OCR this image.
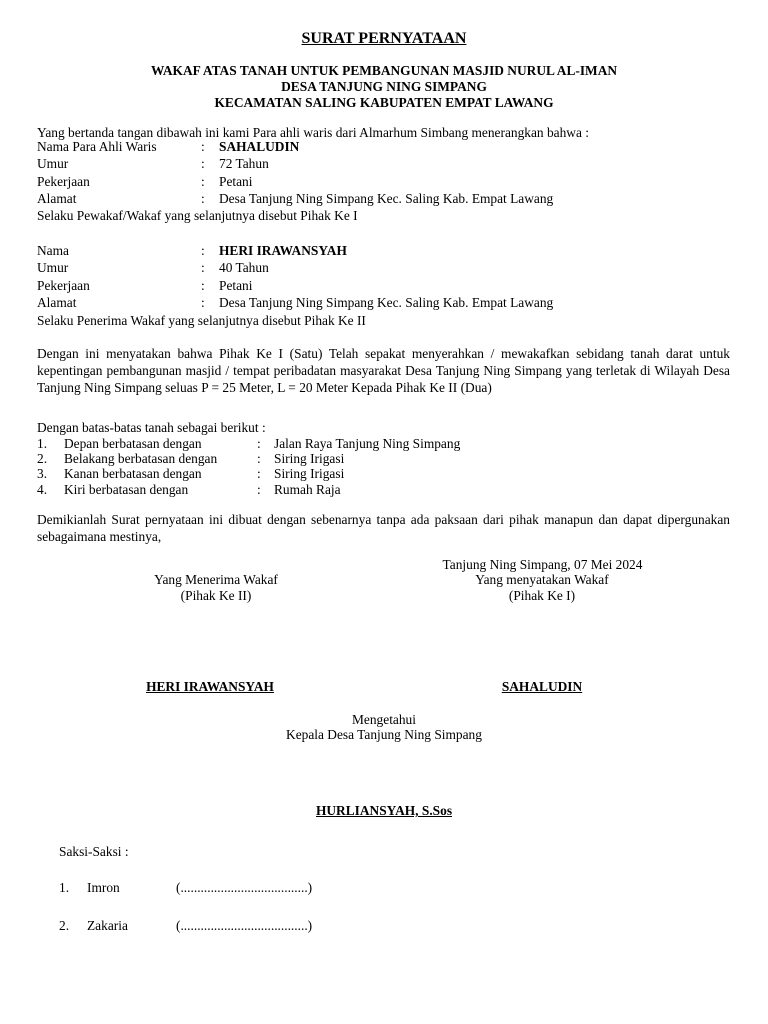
SURAT PERNYATAAN
WAKAF ATAS TANAH UNTUK PEMBANGUNAN MASJID NURUL AL-IMAN
DESA TANJUNG NING SIMPANG
KECAMATAN SALING KABUPATEN EMPAT LAWANG
Yang bertanda tangan dibawah ini kami Para ahli waris dari Almarhum Simbang menerangkan bahwa :
Nama Para Ahli Waris	: SAHALUDIN
Umur	: 72 Tahun
Pekerjaan	: Petani
Alamat	: Desa Tanjung Ning Simpang Kec. Saling Kab. Empat Lawang
Selaku Pewakaf/Wakaf yang selanjutnya disebut Pihak Ke I
Nama	: HERI IRAWANSYAH
Umur	: 40 Tahun
Pekerjaan	: Petani
Alamat	: Desa Tanjung Ning Simpang Kec. Saling Kab. Empat Lawang
Selaku Penerima Wakaf yang selanjutnya disebut Pihak Ke II
Dengan ini menyatakan bahwa Pihak Ke I (Satu) Telah sepakat menyerahkan / mewakafkan sebidang tanah darat untuk kepentingan pembangunan masjid / tempat peribadatan masyarakat Desa Tanjung Ning Simpang yang terletak di Wilayah Desa Tanjung Ning Simpang seluas P = 25 Meter, L = 20 Meter Kepada Pihak Ke II (Dua)
Dengan batas-batas tanah sebagai berikut :
1. Depan berbatasan dengan	: Jalan Raya Tanjung Ning Simpang
2. Belakang berbatasan dengan	: Siring Irigasi
3. Kanan berbatasan dengan	: Siring Irigasi
4. Kiri berbatasan dengan	: Rumah Raja
Demikianlah Surat pernyataan ini dibuat dengan sebenarnya tanpa ada paksaan dari pihak manapun dan dapat dipergunakan sebagaimana mestinya,
Tanjung Ning Simpang, 07 Mei 2024
Yang Menerima Wakaf
(Pihak Ke II)
Yang menyatakan Wakaf
(Pihak Ke I)
HERI IRAWANSYAH	SAHALUDIN
Mengetahui
Kepala Desa Tanjung Ning Simpang
HURLIANSYAH, S.Sos
Saksi-Saksi :
1. Imron	(......................................)
2. Zakaria	(......................................)
